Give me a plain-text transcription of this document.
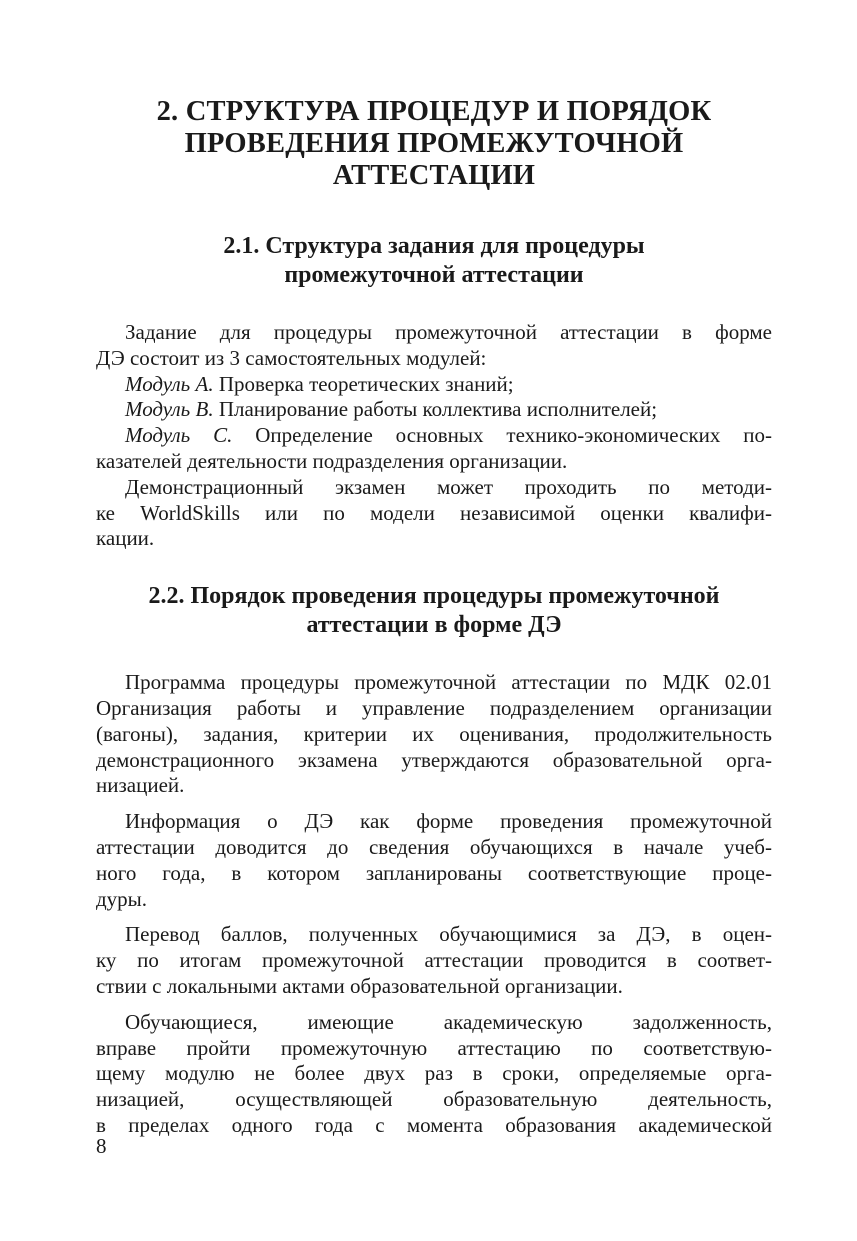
2. СТРУКТУРА ПРОЦЕДУР И ПОРЯДОК
ПРОВЕДЕНИЯ ПРОМЕЖУТОЧНОЙ
АТТЕСТАЦИИ
2.1. Структура задания для процедуры
промежуточной аттестации
Задание для процедуры промежуточной аттестации в форме
ДЭ состоит из 3 самостоятельных модулей:
Модуль А. Проверка теоретических знаний;
Модуль В. Планирование работы коллектива исполнителей;
Модуль С. Определение основных технико-экономических по-
казателей деятельности подразделения организации.
Демонстрационный экзамен может проходить по методи-
ке WorldSkills или по модели независимой оценки квалифи-
кации.
2.2. Порядок проведения процедуры промежуточной
аттестации в форме ДЭ
Программа процедуры промежуточной аттестации по МДК 02.01
Организация работы и управление подразделением организации
(вагоны), задания, критерии их оценивания, продолжительность
демонстрационного экзамена утверждаются образовательной орга-
низацией.
Информация о ДЭ как форме проведения промежуточной
аттестации доводится до сведения обучающихся в начале учеб-
ного года, в котором запланированы соответствующие проце-
дуры.
Перевод баллов, полученных обучающимися за ДЭ, в оцен-
ку по итогам промежуточной аттестации проводится в соответ-
ствии с локальными актами образовательной организации.
Обучающиеся, имеющие академическую задолженность,
вправе пройти промежуточную аттестацию по соответствую-
щему модулю не более двух раз в сроки, определяемые орга-
низацией, осуществляющей образовательную деятельность,
в пределах одного года с момента образования академической
8
